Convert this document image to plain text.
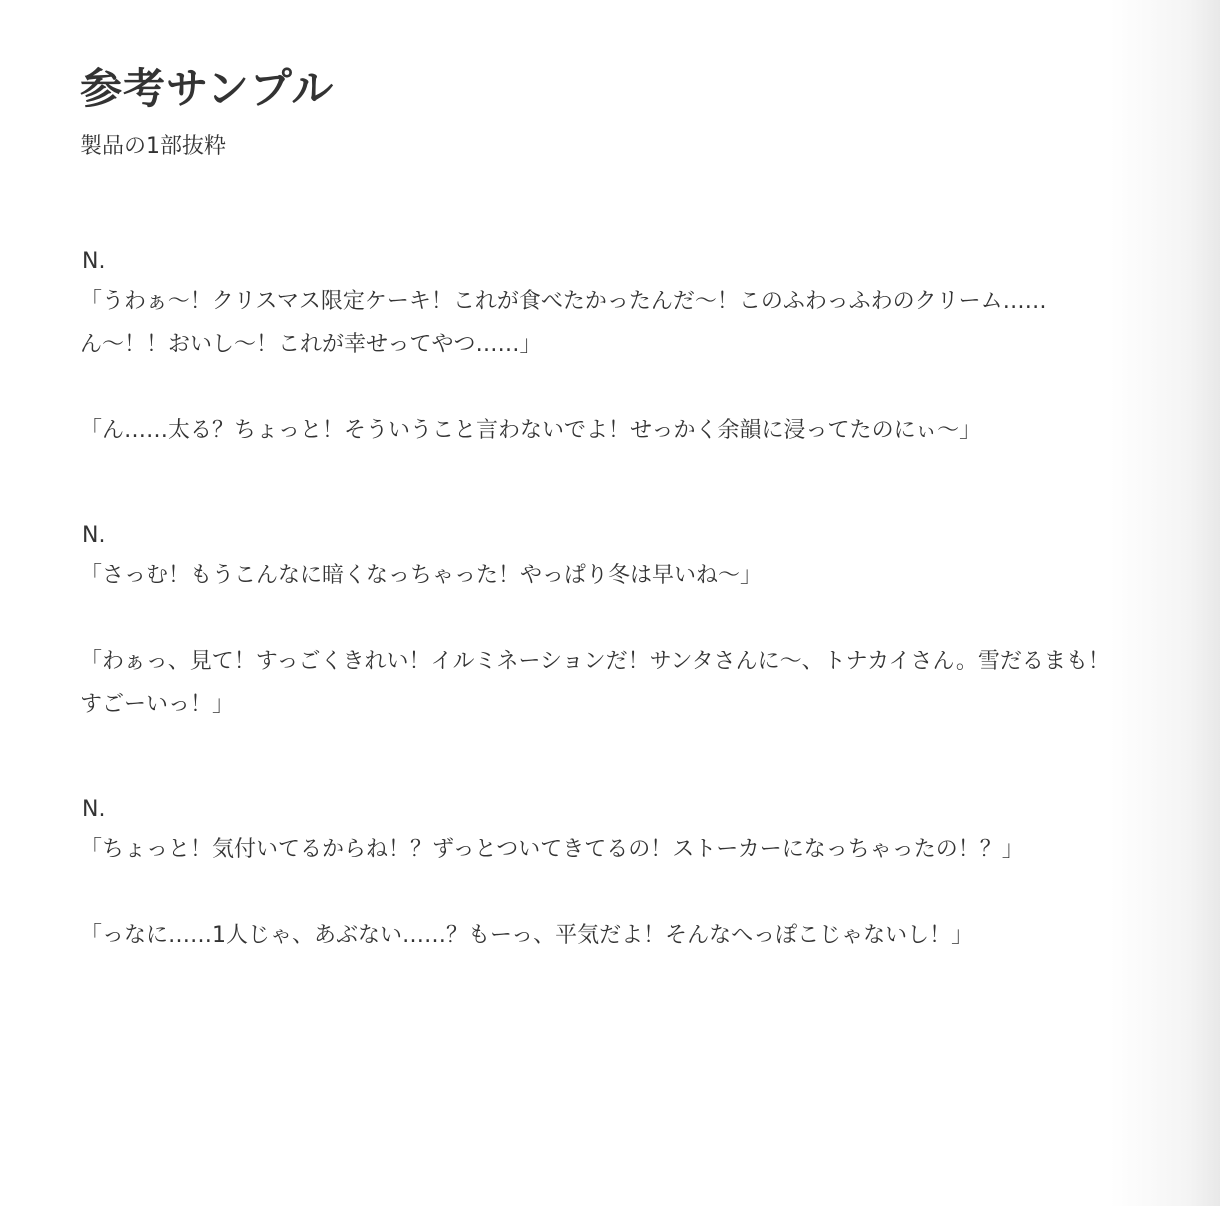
参考サンプル
製品の1部抜粋
N.

「うわぁ〜！クリスマス限定ケーキ！これが食べたかったんだ〜！このふわっふわのクリーム……ん〜！！おいし〜！これが幸せってやつ……」

「ん……太る？ちょっと！そういうこと言わないでよ！せっかく余韻に浸ってたのにぃ〜」

N.

「さっむ！もうこんなに暗くなっちゃった！やっぱり冬は早いね〜」

「わぁっ、見て！すっごくきれい！イルミネーションだ！サンタさんに〜、トナカイさん。雪だるまも！すごーいっ！」

N.

「ちょっと！気付いてるからね！？ずっとついてきてるの！ストーカーになっちゃったの！？」

「っなに……1人じゃ、あぶない……？もーっ、平気だよ！そんなへっぽこじゃないし！」
